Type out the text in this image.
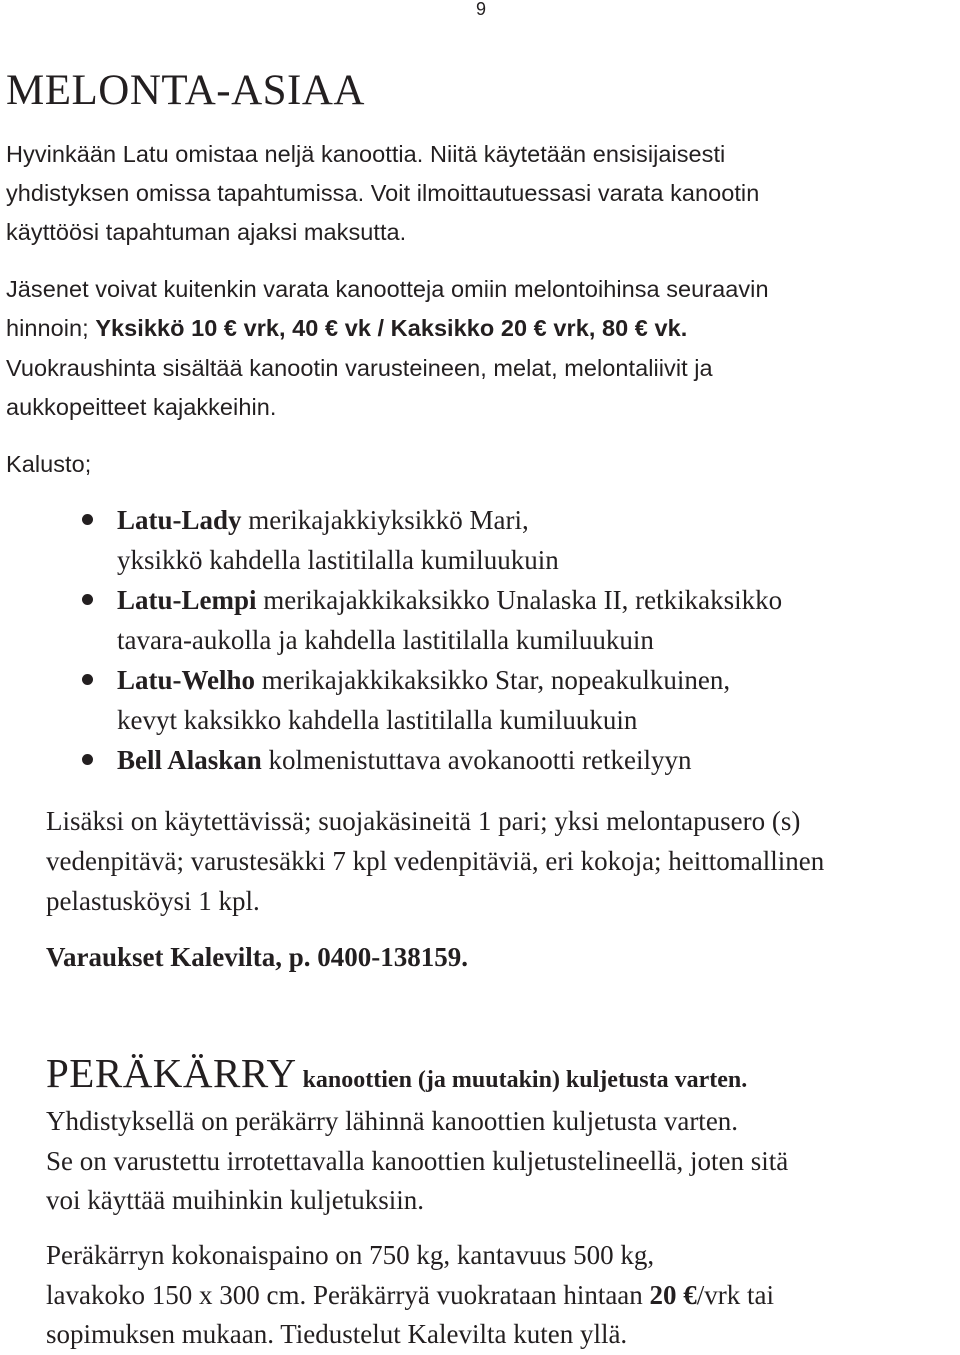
9
MELONTA-ASIAA

Hyvinkään Latu omistaa neljä kanoottia. Niitä käytetään ensisijaisesti

yhdistyksen omissa tapahtumissa. Voit ilmoittautuessasi varata kanootin

käyttöösi tapahtuman ajaksi maksutta.

Jäsenet voivat kuitenkin varata kanootteja omiin melontoihinsa seuraavin

hinnoin; Yksikkö 10 € vrk, 40 € vk / Kaksikko 20 € vrk, 80 € vk.

Vuokraushinta sisältää kanootin varusteineen, melat, melontaliivit ja

aukkopeitteet kajakkeihin.

Kalusto;

Latu-Lady merikajakkiyksikkö Mari,
yksikkö kahdella lastitilalla kumiluukuin
Latu-Lempi merikajakkikaksikko Unalaska II, retkikaksikko
tavara-aukolla ja kahdella lastitilalla kumiluukuin
Latu-Welho merikajakkikaksikko Star, nopeakulkuinen,
kevyt kaksikko kahdella lastitilalla kumiluukuin
Bell Alaskan kolmenistuttava avokanootti retkeilyyn

Lisäksi on käytettävissä; suojakäsineitä 1 pari; yksi melontapusero (s)

vedenpitävä; varustesäkki 7 kpl vedenpitäviä, eri kokoja; heittomallinen

pelastusköysi 1 kpl.

Varaukset Kalevilta, p. 0400-138159.

PERÄKÄRRY kanoottien (ja muutakin) kuljetusta varten.

Yhdistyksellä on peräkärry lähinnä kanoottien kuljetusta varten.

Se on varustettu irrotettavalla kanoottien kuljetustelineellä, joten sitä

voi käyttää muihinkin kuljetuksiin.

Peräkärryn kokonaispaino on 750 kg, kantavuus 500 kg,

lavakoko 150 x 300 cm. Peräkärryä vuokrataan hintaan 20 €/vrk tai

sopimuksen mukaan. Tiedustelut Kalevilta kuten yllä.
